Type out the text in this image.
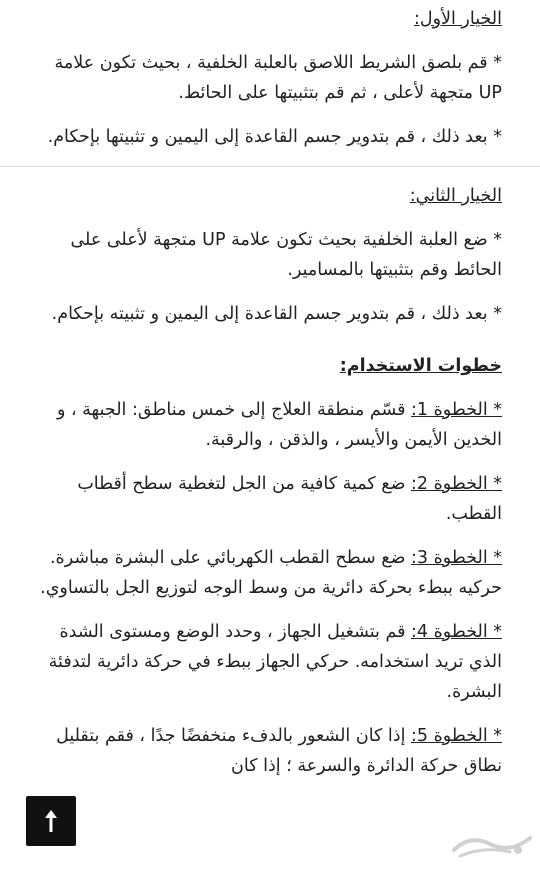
الخيار الأول:
* قم بلصق الشريط اللاصق بالعلبة الخلفية ، بحيث تكون علامة UP متجهة لأعلى ، ثم قم بتثبيتها على الحائط.
* بعد ذلك ، قم بتدوير جسم القاعدة إلى اليمين و تثبيتها بإحكام.
الخيار الثاني:
* ضع العلبة الخلفية بحيث تكون علامة UP متجهة لأعلى على الحائط وقم بتثبيتها بالمسامير.
* بعد ذلك ، قم بتدوير جسم القاعدة إلى اليمين و تثبيته بإحكام.
خطوات الاستخدام:
* الخطوة 1: قسّم منطقة العلاج إلى خمس مناطق: الجبهة ، و الخدين الأيمن والأيسر ، والذقن ، والرقبة.
* الخطوة 2: ضع كمية كافية من الجل لتغطية سطح أقطاب القطب.
* الخطوة 3: ضع سطح القطب الكهربائي على البشرة مباشرة. حركيه ببطء بحركة دائرية من وسط الوجه لتوزيع الجل بالتساوي.
* الخطوة 4: قم بتشغيل الجهاز ، وحدد الوضع ومستوى الشدة الذي تريد استخدامه. حركي الجهاز ببطء في حركة دائرية لتدفئة البشرة.
* الخطوة 5: إذا كان الشعور بالدفء منخفضًا جدًا ، فقم بتقليل نطاق حركة الدائرة والسرعة ؛ إذا كان
